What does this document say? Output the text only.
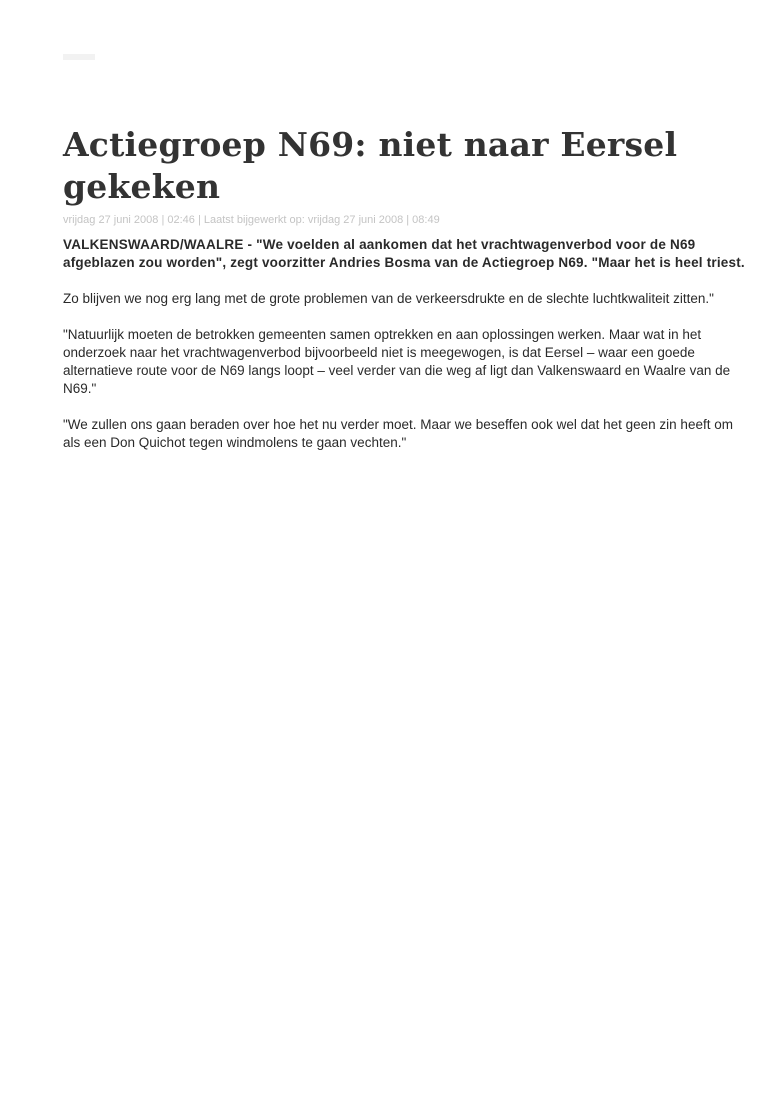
Actiegroep N69: niet naar Eersel gekeken
vrijdag 27 juni 2008 | 02:46 | Laatst bijgewerkt op: vrijdag 27 juni 2008 | 08:49

VALKENSWAARD/WAALRE - "We voelden al aankomen dat het vrachtwagenverbod voor de N69 afgeblazen zou worden", zegt voorzitter Andries Bosma van de Actiegroep N69. "Maar het is heel triest.

Zo blijven we nog erg lang met de grote problemen van de verkeersdrukte en de slechte luchtkwaliteit zitten."

"Natuurlijk moeten de betrokken gemeenten samen optrekken en aan oplossingen werken. Maar wat in het onderzoek naar het vrachtwagenverbod bijvoorbeeld niet is meegewogen, is dat Eersel – waar een goede alternatieve route voor de N69 langs loopt – veel verder van die weg af ligt dan Valkenswaard en Waalre van de N69."

"We zullen ons gaan beraden over hoe het nu verder moet. Maar we beseffen ook wel dat het geen zin heeft om als een Don Quichot tegen windmolens te gaan vechten."
